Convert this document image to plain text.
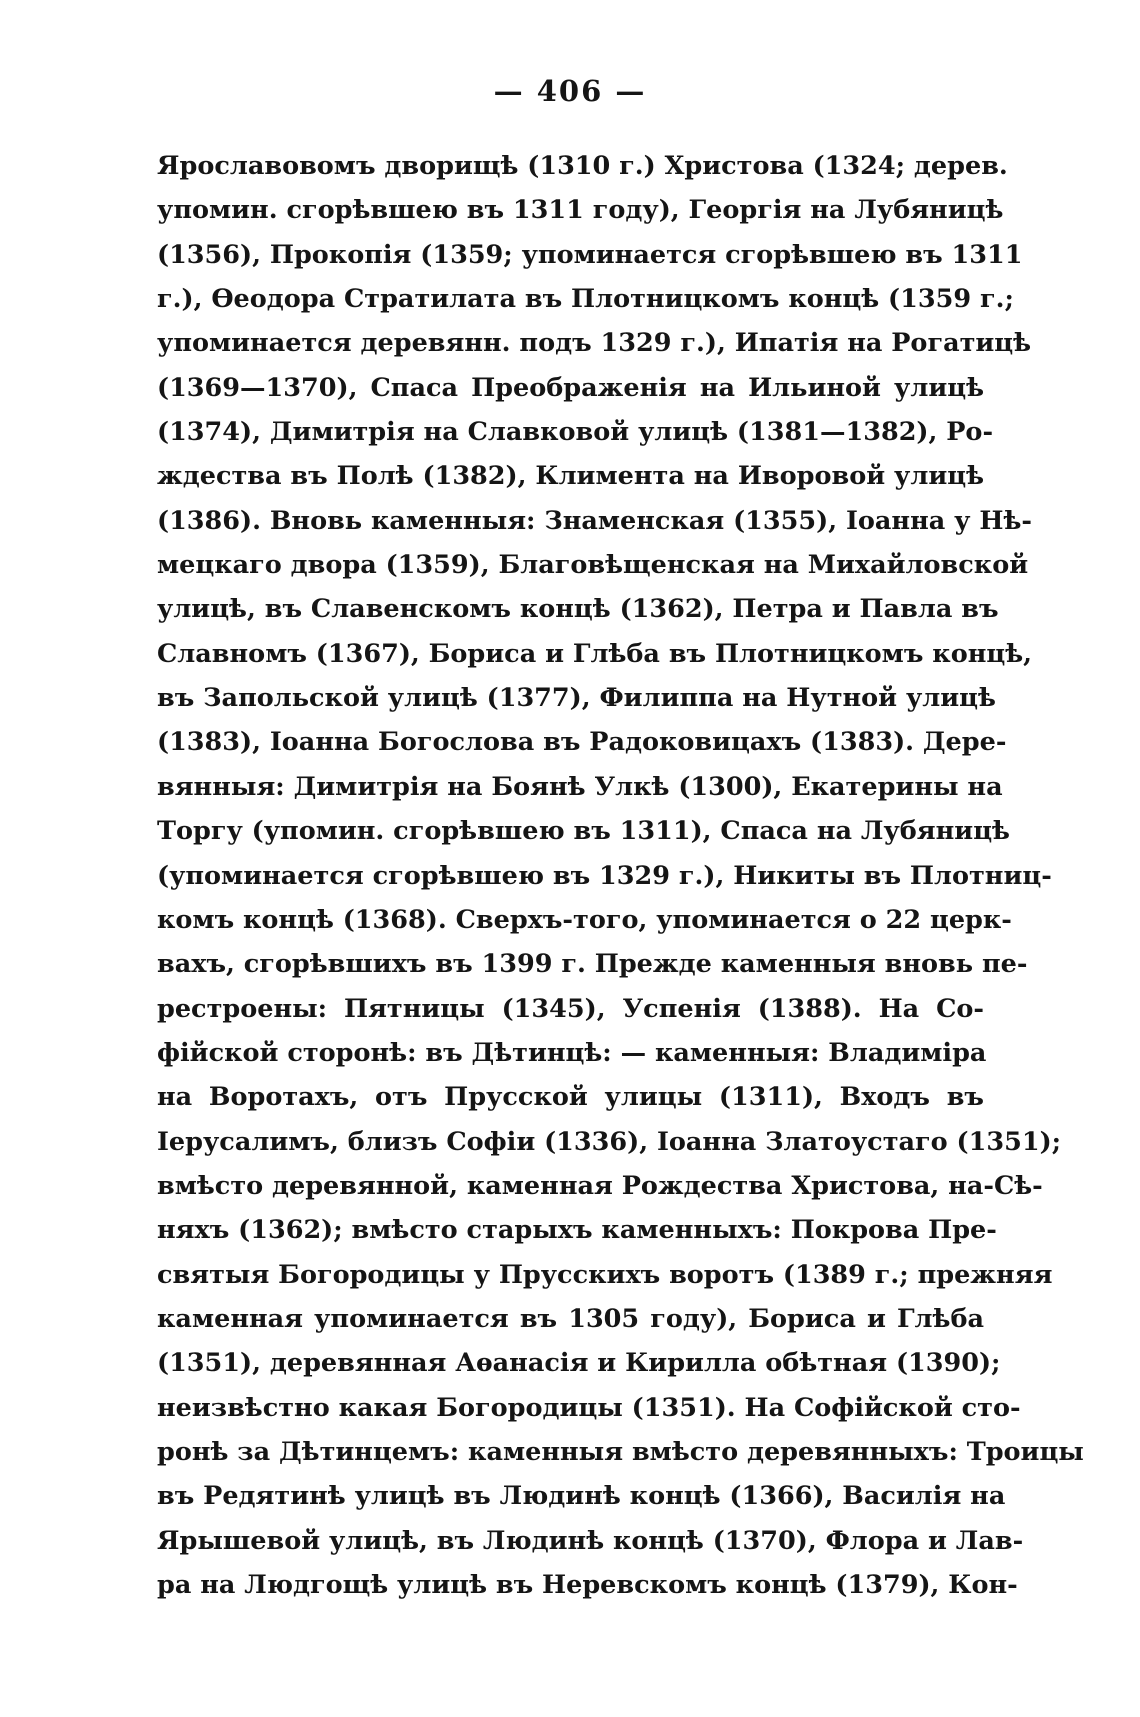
— 406 —
Ярославовомъ дворищѣ (1310 г.) Христова (1324; дерев.
упомин. сгорѣвшею въ 1311 году), Георгія на Лубяницѣ
(1356), Прокопія (1359; упоминается сгорѣвшею въ 1311
г.), Ѳеодора Стратилата въ Плотницкомъ концѣ (1359 г.;
упоминается деревянн. подъ 1329 г.), Ипатія на Рогатицѣ
(1369—1370), Спаса Преображенія на Ильиной улицѣ
(1374), Димитрія на Славковой улицѣ (1381—1382), Ро-
ждества въ Полѣ (1382), Климента на Иворовой улицѣ
(1386). Вновь каменныя: Знаменская (1355), Іоанна у Нѣ-
мецкаго двора (1359), Благовѣщенская на Михайловской
улицѣ, въ Славенскомъ концѣ (1362), Петра и Павла въ
Славномъ (1367), Бориса и Глѣба въ Плотницкомъ концѣ,
въ Запольской улицѣ (1377), Филиппа на Нутной улицѣ
(1383), Іоанна Богослова въ Радоковицахъ (1383). Дере-
вянныя: Димитрія на Боянѣ Улкѣ (1300), Екатерины на
Торгу (упомин. сгорѣвшею въ 1311), Спаса на Лубяницѣ
(упоминается сгорѣвшею въ 1329 г.), Никиты въ Плотниц-
комъ концѣ (1368). Сверхъ-того, упоминается о 22 церк-
вахъ, сгорѣвшихъ въ 1399 г. Прежде каменныя вновь пе-
рестроены: Пятницы (1345), Успенія (1388). На Со-
фійской сторонѣ: въ Дѣтинцѣ: — каменныя: Владиміра
на Воротахъ, отъ Прусской улицы (1311), Входъ въ
Іерусалимъ, близъ Софіи (1336), Іоанна Златоустаго (1351);
вмѣсто деревянной, каменная Рождества Христова, на-Сѣ-
няхъ (1362); вмѣсто старыхъ каменныхъ: Покрова Пре-
святыя Богородицы у Прусскихъ воротъ (1389 г.; прежняя
каменная упоминается въ 1305 году), Бориса и Глѣба
(1351), деревянная Аѳанасія и Кирилла обѣтная (1390);
неизвѣстно какая Богородицы (1351). На Софійской сто-
ронѣ за Дѣтинцемъ: каменныя вмѣсто деревянныхъ: Троицы
въ Редятинѣ улицѣ въ Людинѣ концѣ (1366), Василія на
Ярышевой улицѣ, въ Людинѣ концѣ (1370), Флора и Лав-
ра на Людгощѣ улицѣ въ Неревскомъ концѣ (1379), Кон-
